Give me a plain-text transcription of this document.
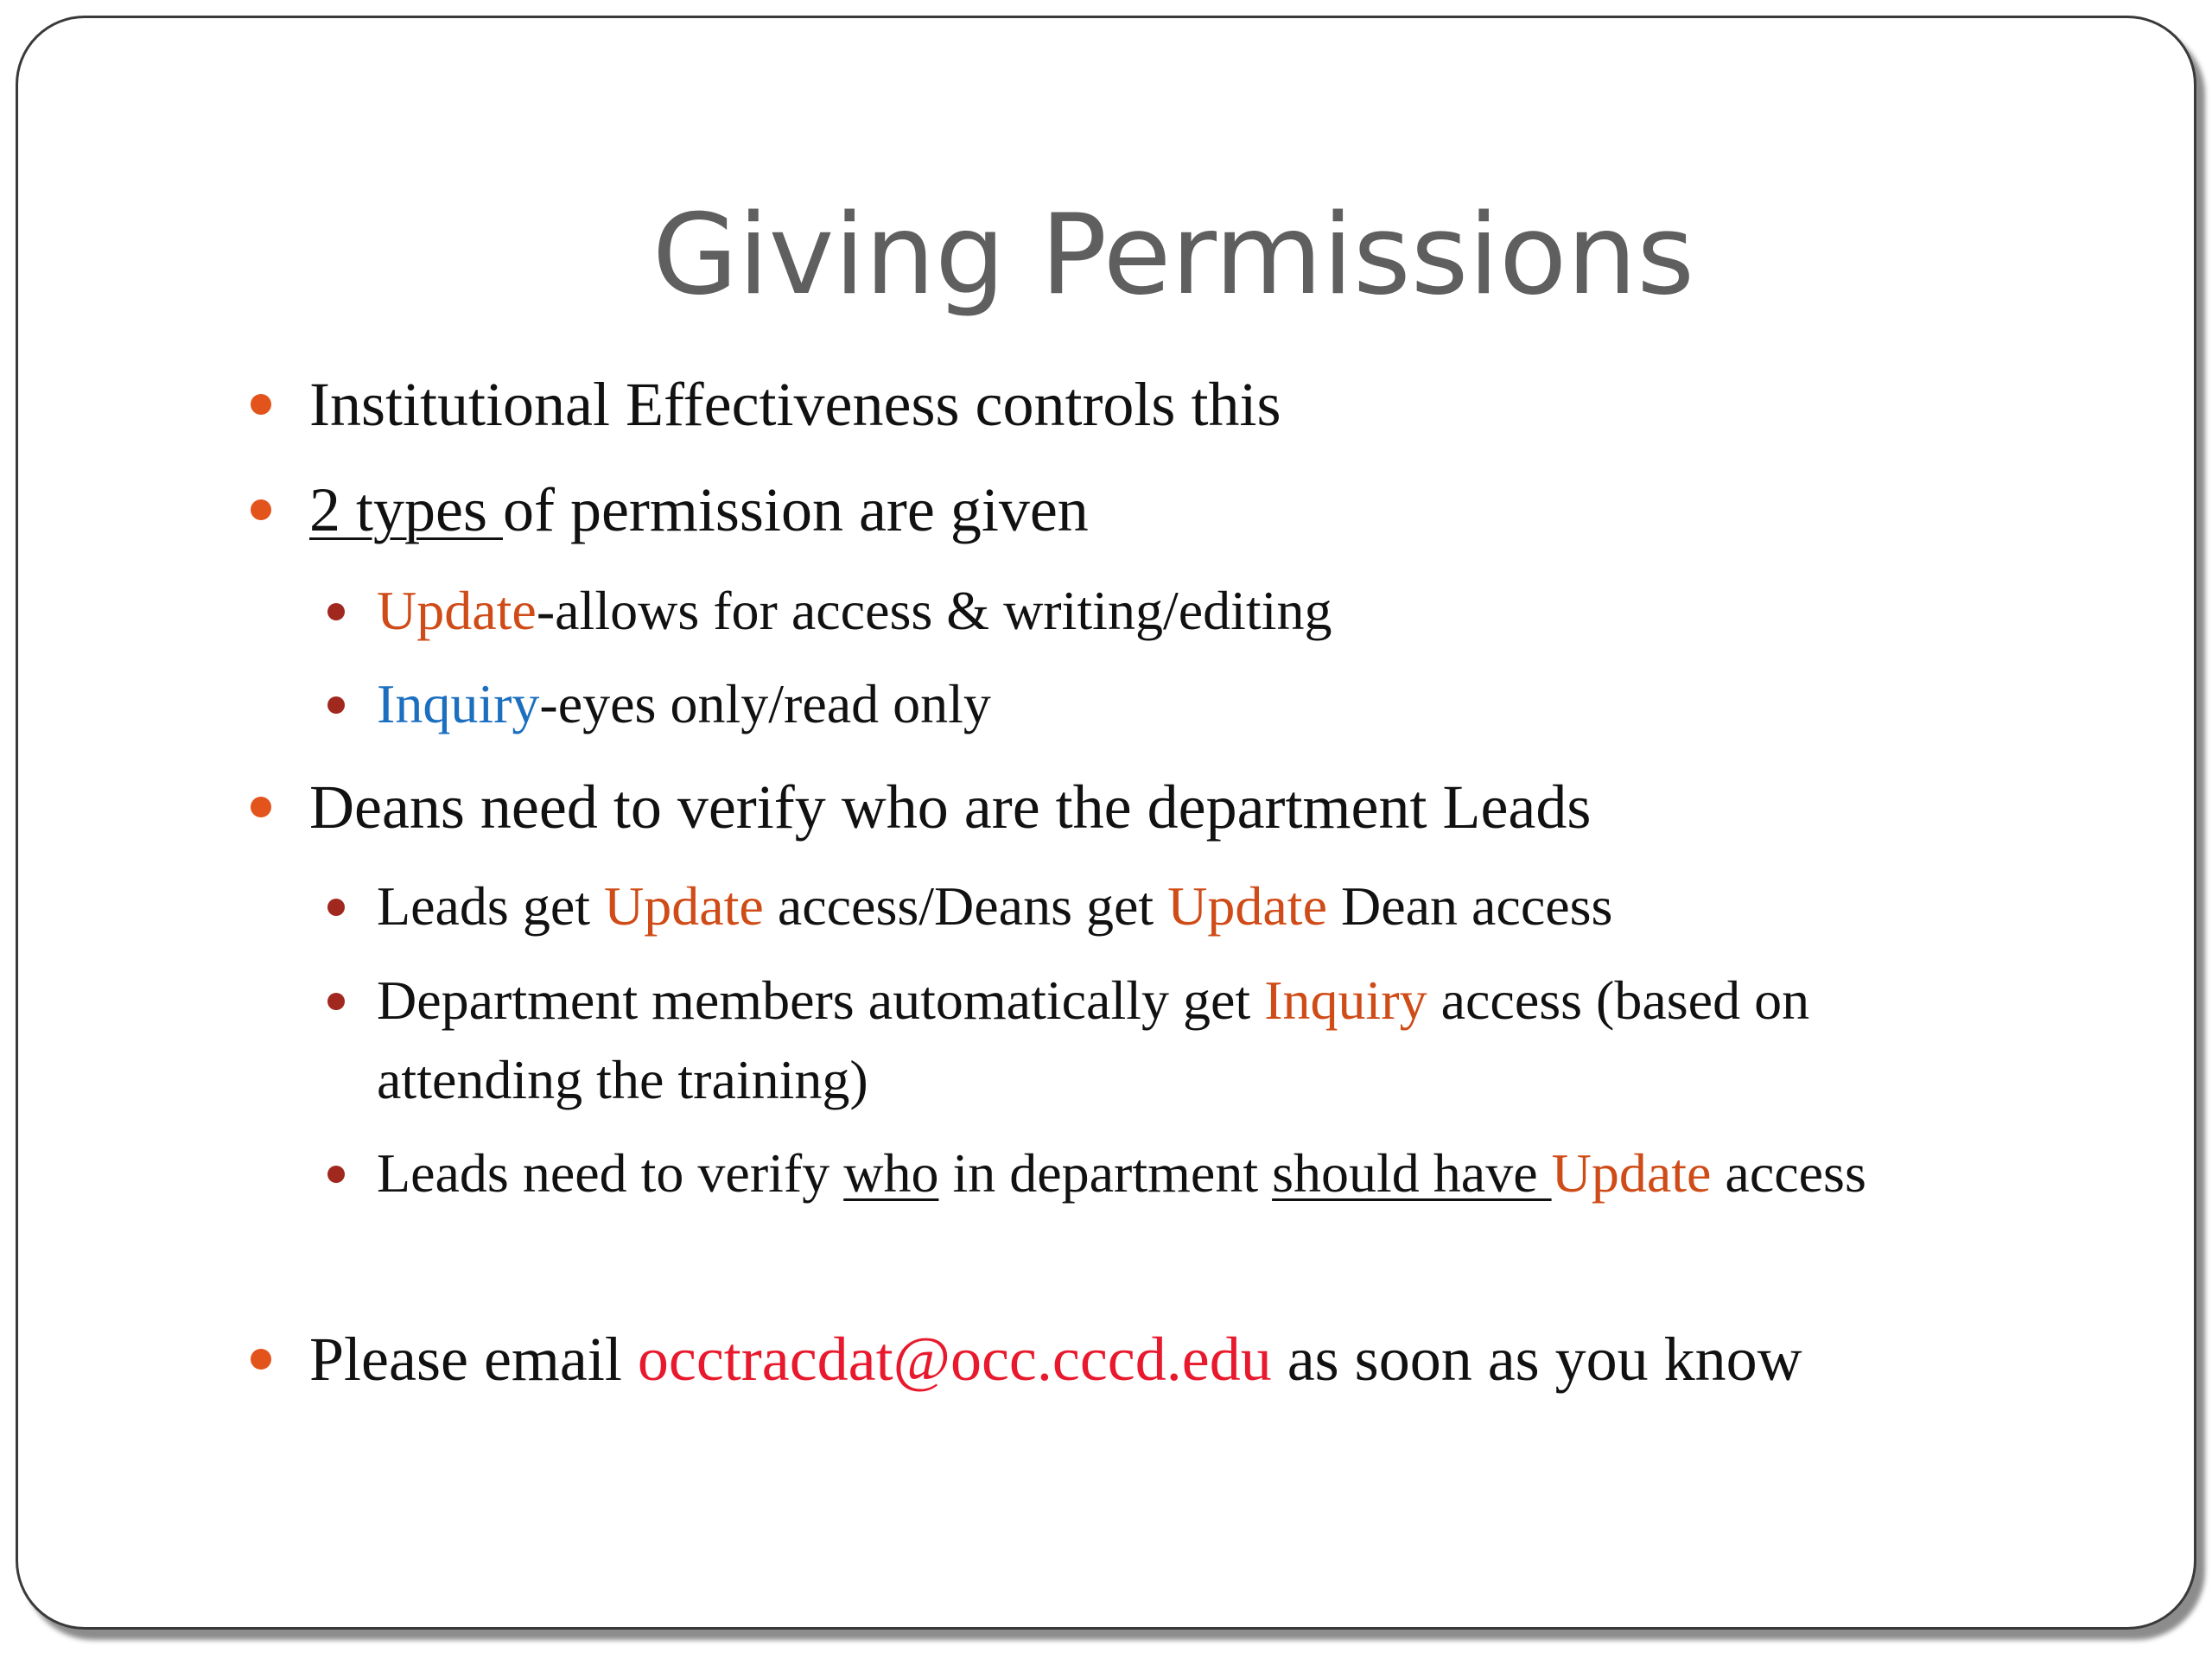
Giving Permissions
Institutional Effectiveness controls this
2 types of permission are given
Update-allows for access & writing/editing
Inquiry-eyes only/read only
Deans need to verify who are the department Leads
Leads get Update access/Deans get Update Dean access
Department members automatically get Inquiry access (based on
attending the training)
Leads need to verify who in department should have Update access
Please email occtracdat@occ.cccd.edu as soon as you know
